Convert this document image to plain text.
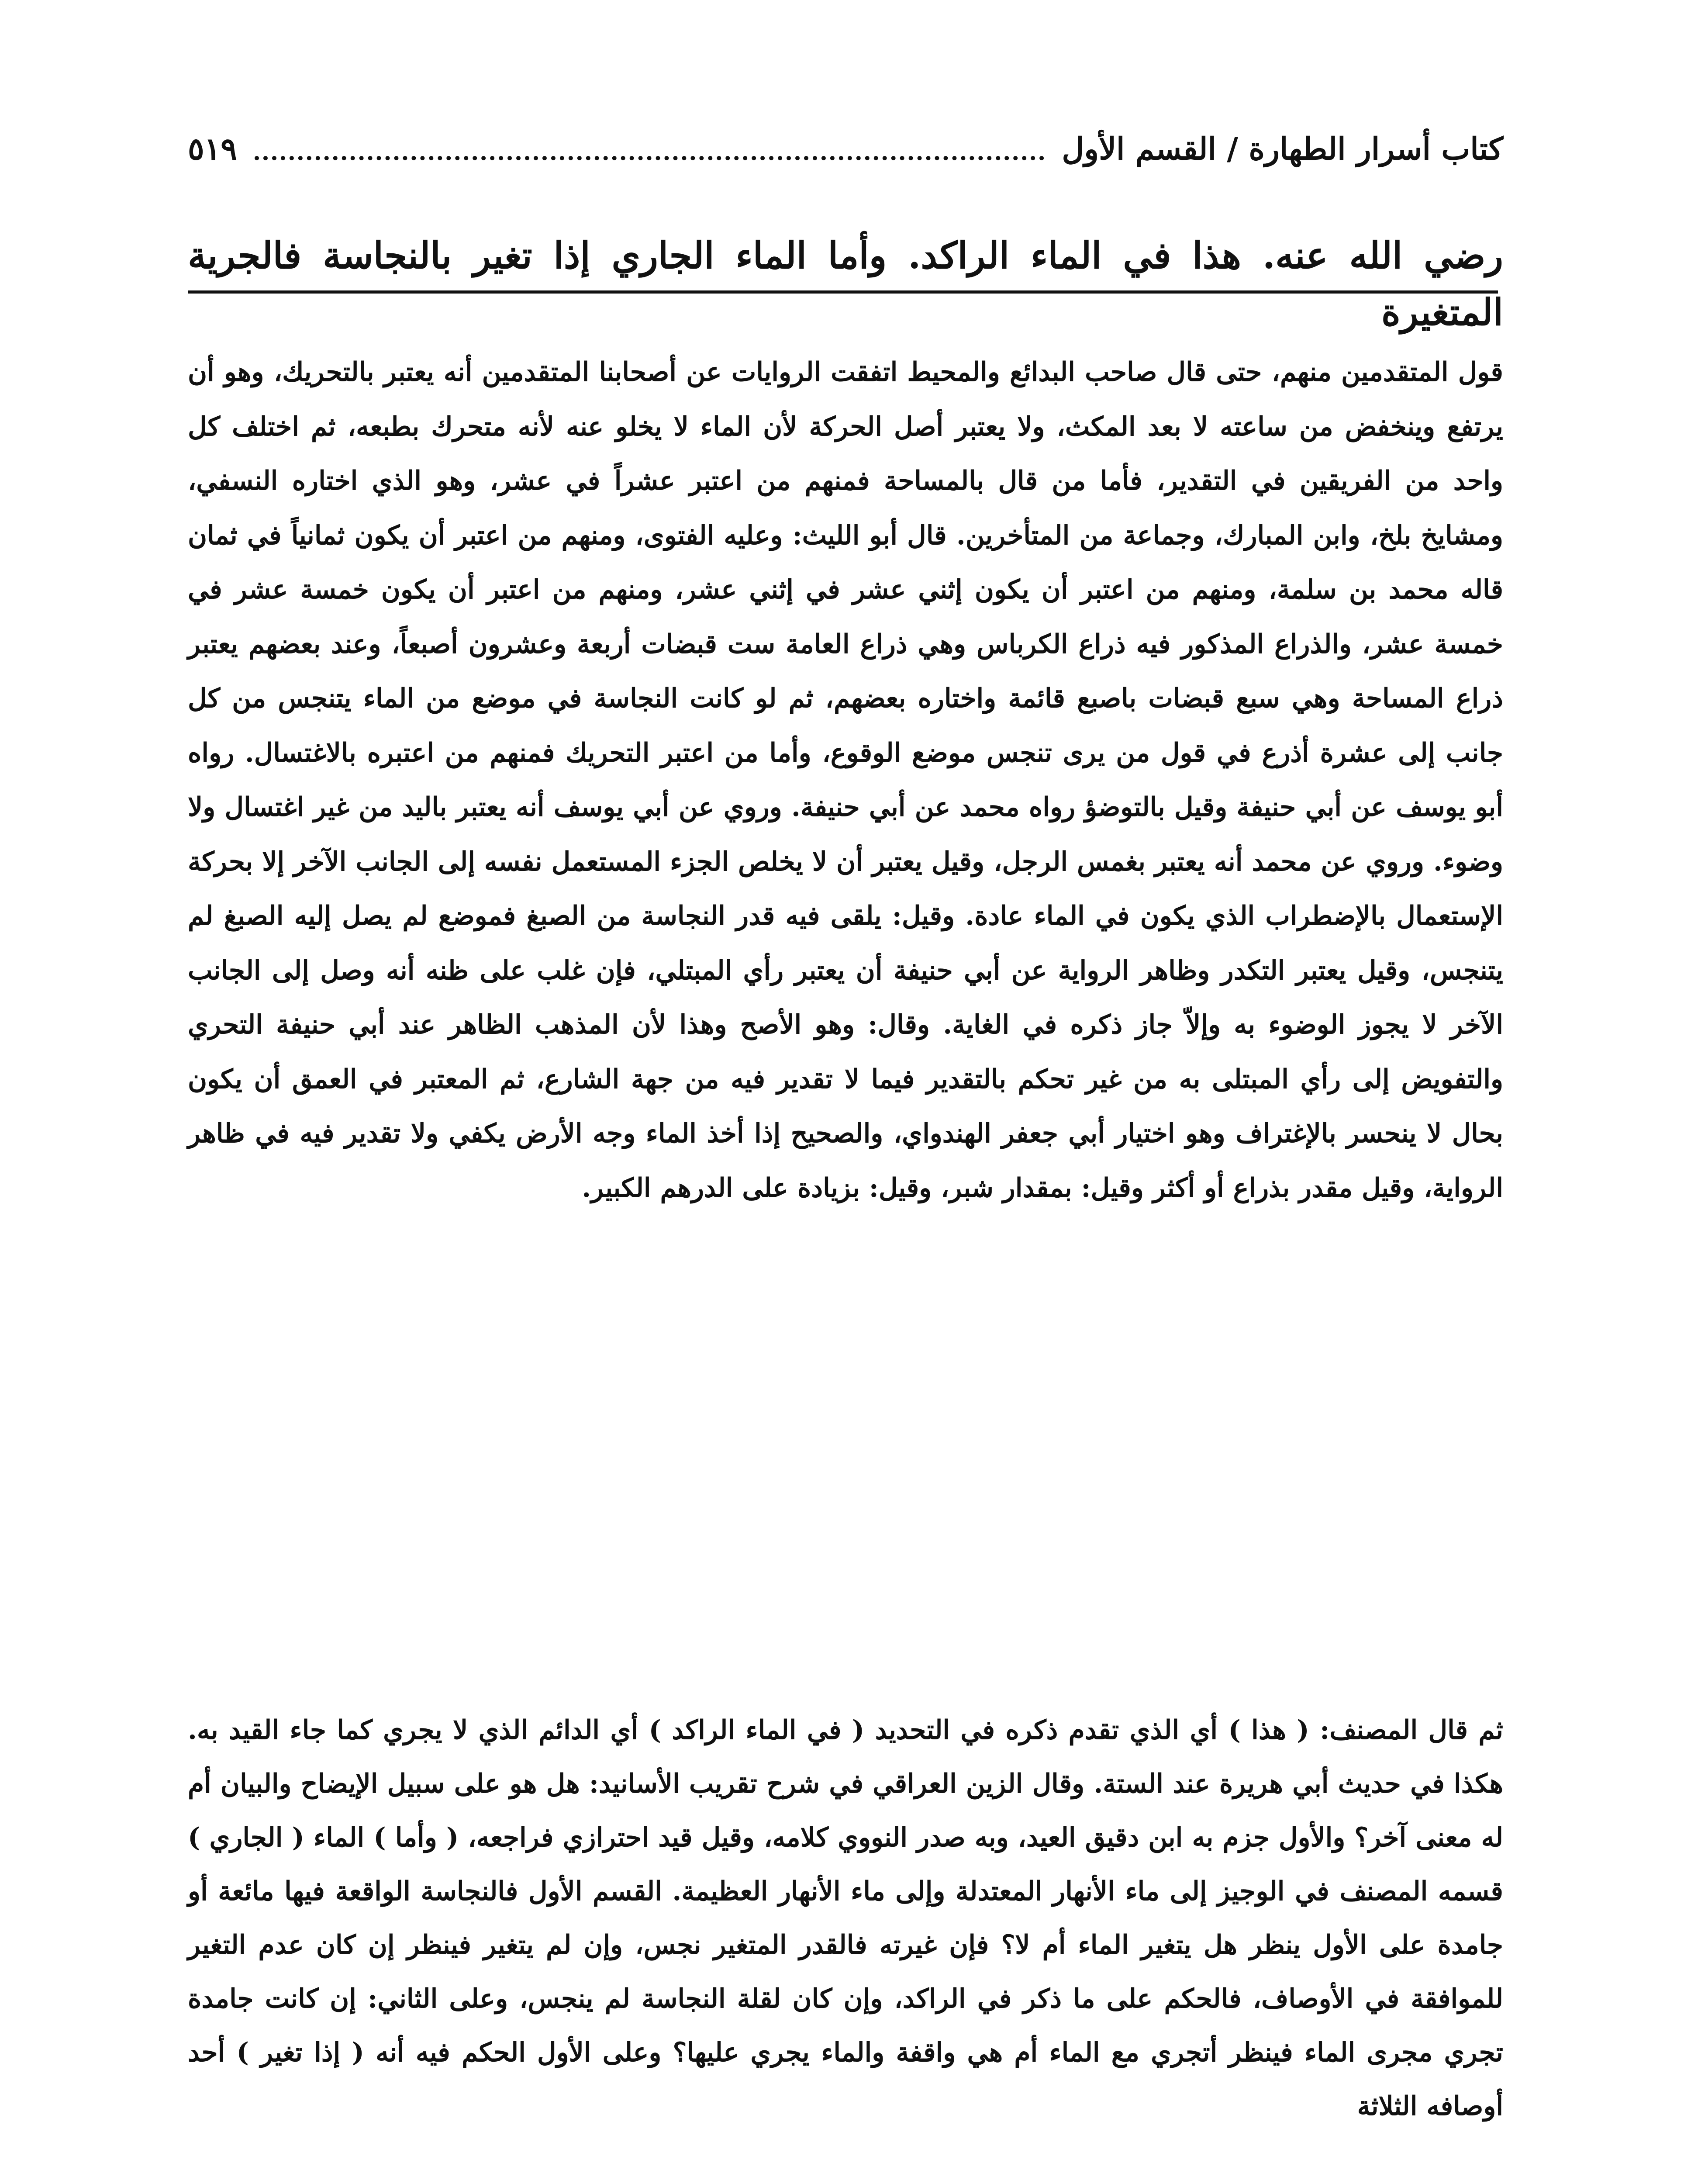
كتاب أسرار الطهارة / القسم الأول
٥١٩

رضي الله عنه. هذا في الماء الراكد. وأما الماء الجاري إذا تغير بالنجاسة فالجرية المتغيرة

قول المتقدمين منهم، حتى قال صاحب البدائع والمحيط اتفقت الروايات عن أصحابنا المتقدمين أنه يعتبر بالتحريك، وهو أن يرتفع وينخفض من ساعته لا بعد المكث، ولا يعتبر أصل الحركة لأن الماء لا يخلو عنه لأنه متحرك بطبعه، ثم اختلف كل واحد من الفريقين في التقدير، فأما من قال بالمساحة فمنهم من اعتبر عشراً في عشر، وهو الذي اختاره النسفي، ومشايخ بلخ، وابن المبارك، وجماعة من المتأخرين. قال أبو الليث: وعليه الفتوى، ومنهم من اعتبر أن يكون ثمانياً في ثمان قاله محمد بن سلمة، ومنهم من اعتبر أن يكون إثني عشر في إثني عشر، ومنهم من اعتبر أن يكون خمسة عشر في خمسة عشر، والذراع المذكور فيه ذراع الكرباس وهي ذراع العامة ست قبضات أربعة وعشرون أصبعاً، وعند بعضهم يعتبر ذراع المساحة وهي سبع قبضات باصبع قائمة واختاره بعضهم، ثم لو كانت النجاسة في موضع من الماء يتنجس من كل جانب إلى عشرة أذرع في قول من يرى تنجس موضع الوقوع، وأما من اعتبر التحريك فمنهم من اعتبره بالاغتسال. رواه أبو يوسف عن أبي حنيفة وقيل بالتوضؤ رواه محمد عن أبي حنيفة. وروي عن أبي يوسف أنه يعتبر باليد من غير اغتسال ولا وضوء. وروي عن محمد أنه يعتبر بغمس الرجل، وقيل يعتبر أن لا يخلص الجزء المستعمل نفسه إلى الجانب الآخر إلا بحركة الإستعمال بالإضطراب الذي يكون في الماء عادة. وقيل: يلقى فيه قدر النجاسة من الصبغ فموضع لم يصل إليه الصبغ لم يتنجس، وقيل يعتبر التكدر وظاهر الرواية عن أبي حنيفة أن يعتبر رأي المبتلي، فإن غلب على ظنه أنه وصل إلى الجانب الآخر لا يجوز الوضوء به وإلاّ جاز ذكره في الغاية. وقال: وهو الأصح وهذا لأن المذهب الظاهر عند أبي حنيفة التحري والتفويض إلى رأي المبتلى به من غير تحكم بالتقدير فيما لا تقدير فيه من جهة الشارع، ثم المعتبر في العمق أن يكون بحال لا ينحسر بالإغتراف وهو اختيار أبي جعفر الهندواي، والصحيح إذا أخذ الماء وجه الأرض يكفي ولا تقدير فيه في ظاهر الرواية، وقيل مقدر بذراع أو أكثر وقيل: بمقدار شبر، وقيل: بزيادة على الدرهم الكبير.

ثم قال المصنف: ( هذا ) أي الذي تقدم ذكره في التحديد ( في الماء الراكد ) أي الدائم الذي لا يجري كما جاء القيد به. هكذا في حديث أبي هريرة عند الستة. وقال الزين العراقي في شرح تقريب الأسانيد: هل هو على سبيل الإيضاح والبيان أم له معنى آخر؟ والأول جزم به ابن دقيق العيد، وبه صدر النووي كلامه، وقيل قيد احترازي فراجعه، ( وأما ) الماء ( الجاري ) قسمه المصنف في الوجيز إلى ماء الأنهار المعتدلة وإلى ماء الأنهار العظيمة. القسم الأول فالنجاسة الواقعة فيها مائعة أو جامدة على الأول ينظر هل يتغير الماء أم لا؟ فإن غيرته فالقدر المتغير نجس، وإن لم يتغير فينظر إن كان عدم التغير للموافقة في الأوصاف، فالحكم على ما ذكر في الراكد، وإن كان لقلة النجاسة لم ينجس، وعلى الثاني: إن كانت جامدة تجري مجرى الماء فينظر أتجري مع الماء أم هي واقفة والماء يجري عليها؟ وعلى الأول الحكم فيه أنه ( إذا تغير ) أحد أوصافه الثلاثة
